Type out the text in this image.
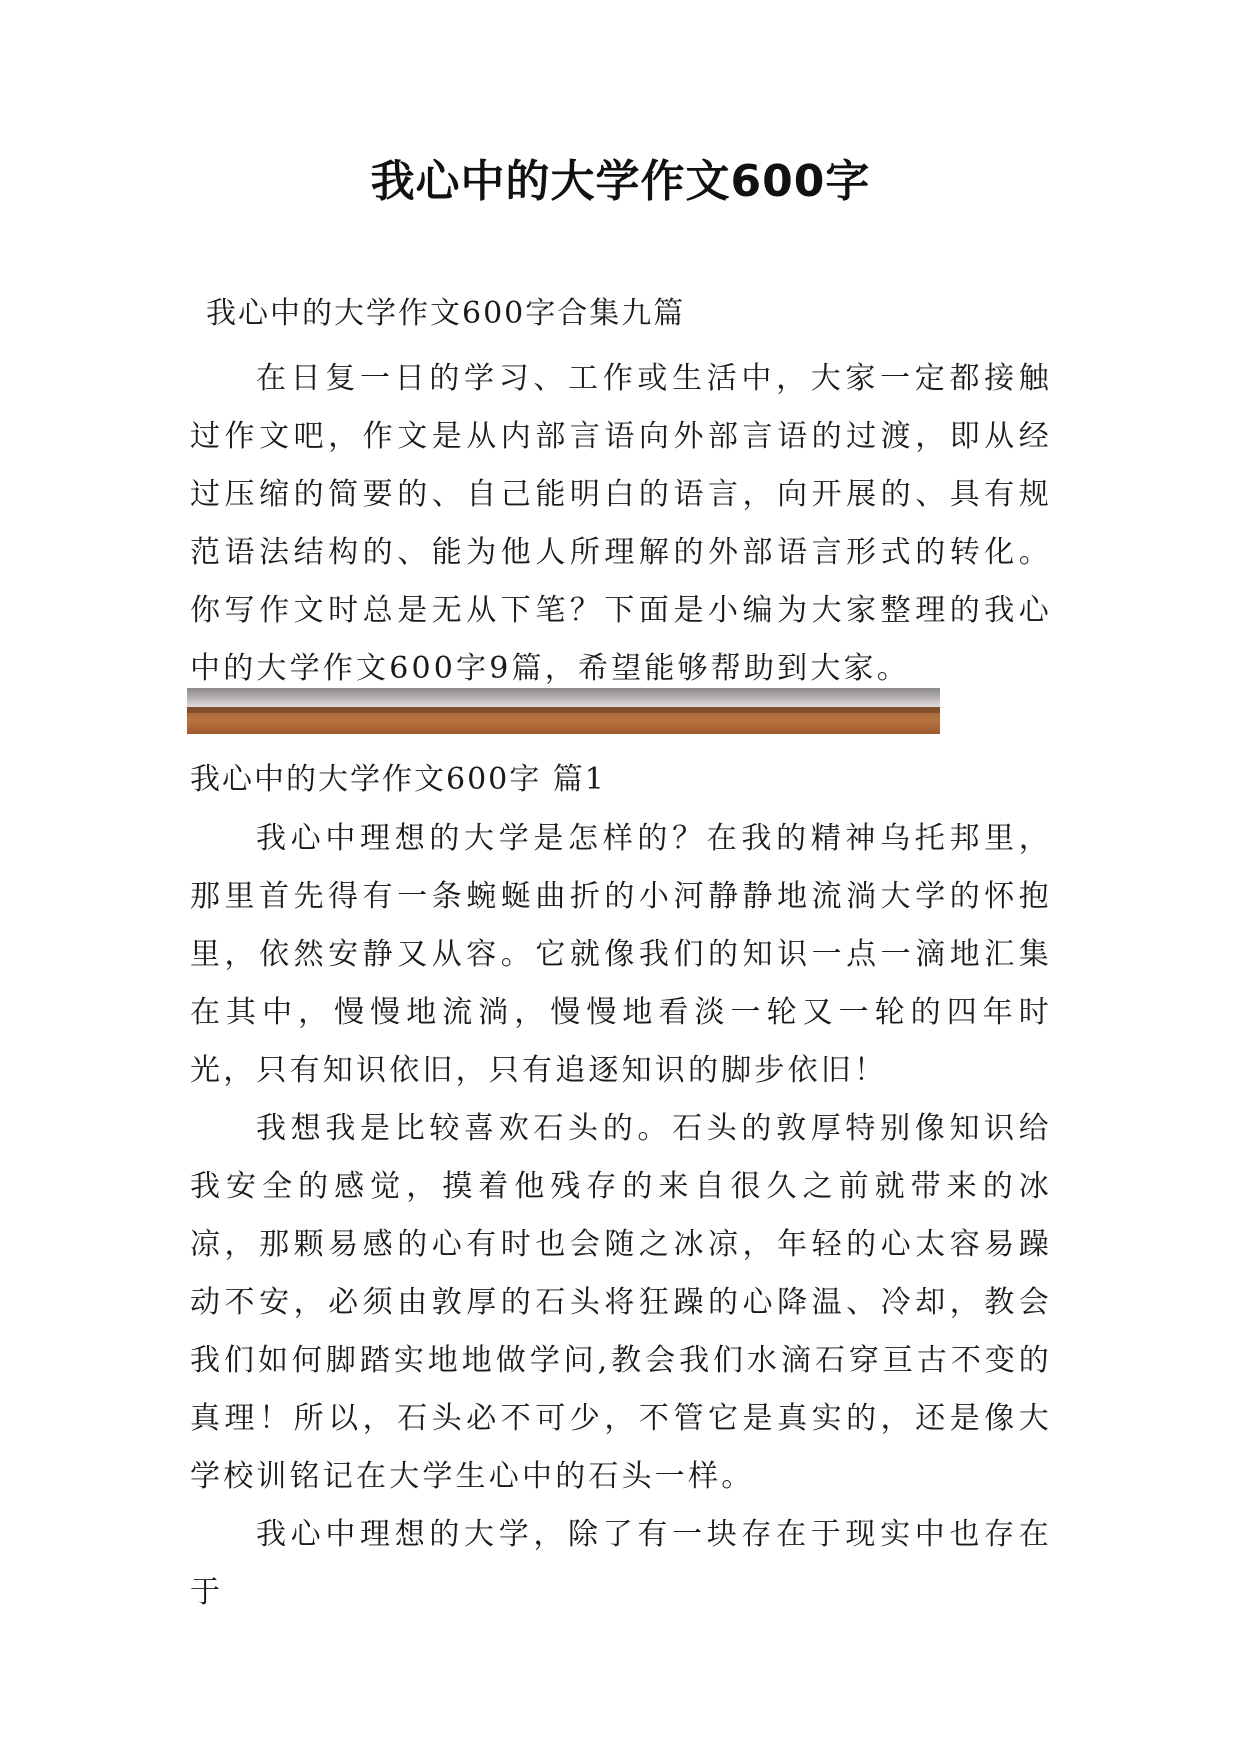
我心中的大学作文600字
我心中的大学作文600字合集九篇
在日复一日的学习、工作或生活中，大家一定都接触过作文吧，作文是从内部言语向外部言语的过渡，即从经过压缩的简要的、自己能明白的语言，向开展的、具有规范语法结构的、能为他人所理解的外部语言形式的转化。你写作文时总是无从下笔？下面是小编为大家整理的我心中的大学作文600字9篇，希望能够帮助到大家。
我心中的大学作文600字 篇1
我心中理想的大学是怎样的？在我的精神乌托邦里，那里首先得有一条蜿蜒曲折的小河静静地流淌大学的怀抱里，依然安静又从容。它就像我们的知识一点一滴地汇集在其中，慢慢地流淌，慢慢地看淡一轮又一轮的四年时光，只有知识依旧，只有追逐知识的脚步依旧！
我想我是比较喜欢石头的。石头的敦厚特别像知识给我安全的感觉，摸着他残存的来自很久之前就带来的冰凉，那颗易感的心有时也会随之冰凉，年轻的心太容易躁动不安，必须由敦厚的石头将狂躁的心降温、冷却，教会我们如何脚踏实地地做学问,教会我们水滴石穿亘古不变的真理！所以，石头必不可少，不管它是真实的，还是像大学校训铭记在大学生心中的石头一样。
我心中理想的大学，除了有一块存在于现实中也存在于
